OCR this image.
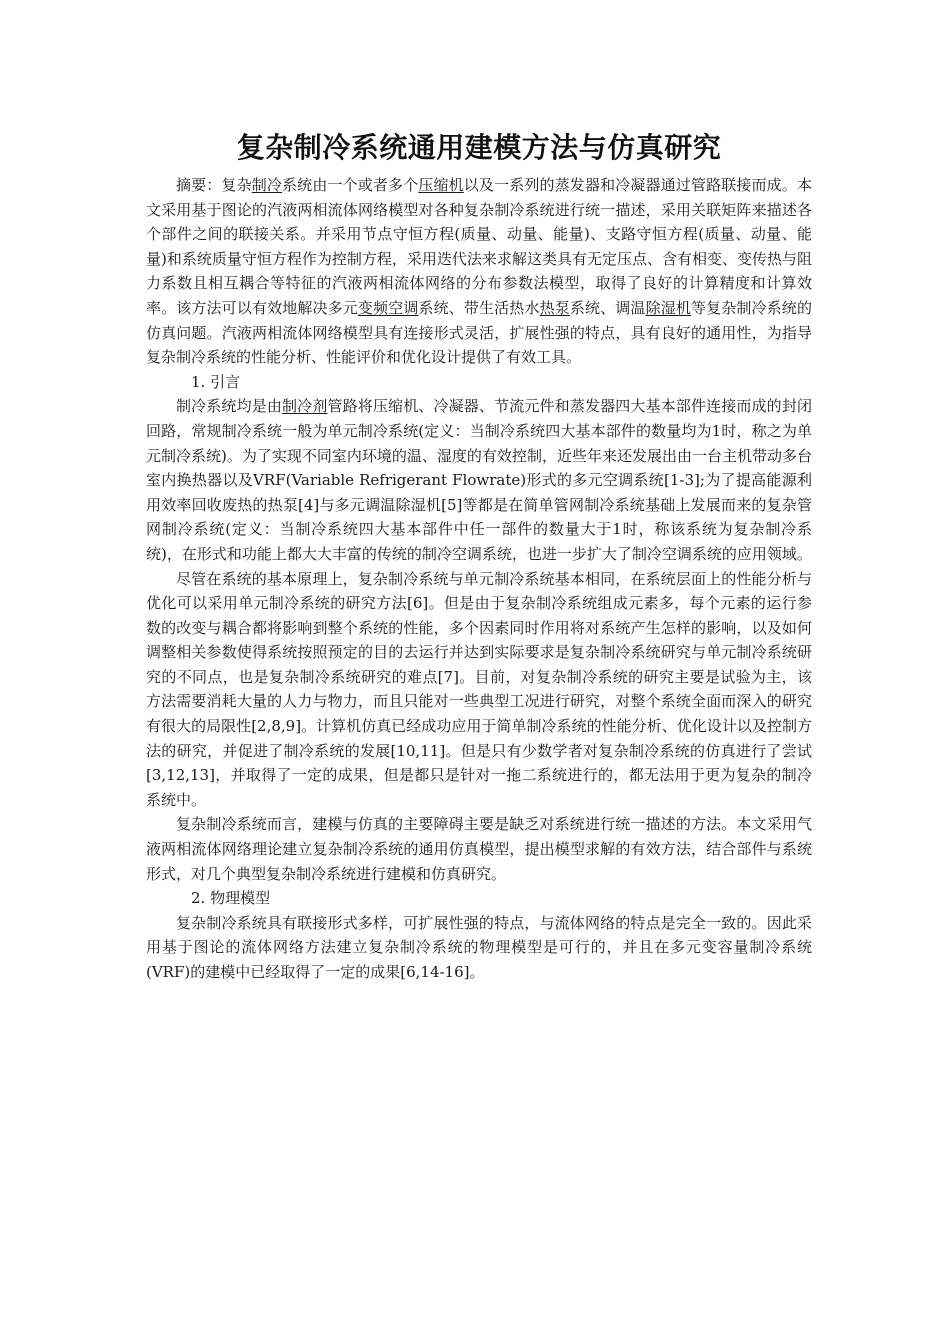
复杂制冷系统通用建模方法与仿真研究

摘要：复杂制冷系统由一个或者多个压缩机以及一系列的蒸发器和冷凝器通过管路联接而成。本文采用基于图论的汽液两相流体网络模型对各种复杂制冷系统进行统一描述，采用关联矩阵来描述各个部件之间的联接关系。并采用节点守恒方程(质量、动量、能量)、支路守恒方程(质量、动量、能量)和系统质量守恒方程作为控制方程，采用迭代法来求解这类具有无定压点、含有相变、变传热与阻力系数且相互耦合等特征的汽液两相流体网络的分布参数法模型，取得了良好的计算精度和计算效率。该方法可以有效地解决多元变频空调系统、带生活热水热泵系统、调温除湿机等复杂制冷系统的仿真问题。汽液两相流体网络模型具有连接形式灵活，扩展性强的特点，具有良好的通用性，为指导复杂制冷系统的性能分析、性能评价和优化设计提供了有效工具。

1. 引言

制冷系统均是由制冷剂管路将压缩机、冷凝器、节流元件和蒸发器四大基本部件连接而成的封闭回路，常规制冷系统一般为单元制冷系统(定义：当制冷系统四大基本部件的数量均为1时，称之为单元制冷系统)。为了实现不同室内环境的温、湿度的有效控制，近些年来还发展出由一台主机带动多台室内换热器以及VRF(Variable Refrigerant Flowrate)形式的多元空调系统[1-3];为了提高能源利用效率回收废热的热泵[4]与多元调温除湿机[5]等都是在简单管网制冷系统基础上发展而来的复杂管网制冷系统(定义：当制冷系统四大基本部件中任一部件的数量大于1时，称该系统为复杂制冷系统)，在形式和功能上都大大丰富的传统的制冷空调系统，也进一步扩大了制冷空调系统的应用领域。

尽管在系统的基本原理上，复杂制冷系统与单元制冷系统基本相同，在系统层面上的性能分析与优化可以采用单元制冷系统的研究方法[6]。但是由于复杂制冷系统组成元素多，每个元素的运行参数的改变与耦合都将影响到整个系统的性能，多个因素同时作用将对系统产生怎样的影响，以及如何调整相关参数使得系统按照预定的目的去运行并达到实际要求是复杂制冷系统研究与单元制冷系统研究的不同点，也是复杂制冷系统研究的难点[7]。目前，对复杂制冷系统的研究主要是试验为主，该方法需要消耗大量的人力与物力，而且只能对一些典型工况进行研究，对整个系统全面而深入的研究有很大的局限性[2,8,9]。计算机仿真已经成功应用于简单制冷系统的性能分析、优化设计以及控制方法的研究，并促进了制冷系统的发展[10,11]。但是只有少数学者对复杂制冷系统的仿真进行了尝试[3,12,13]，并取得了一定的成果，但是都只是针对一拖二系统进行的，都无法用于更为复杂的制冷系统中。

复杂制冷系统而言，建模与仿真的主要障碍主要是缺乏对系统进行统一描述的方法。本文采用气液两相流体网络理论建立复杂制冷系统的通用仿真模型，提出模型求解的有效方法，结合部件与系统形式，对几个典型复杂制冷系统进行建模和仿真研究。

2. 物理模型

复杂制冷系统具有联接形式多样，可扩展性强的特点，与流体网络的特点是完全一致的。因此采用基于图论的流体网络方法建立复杂制冷系统的物理模型是可行的，并且在多元变容量制冷系统(VRF)的建模中已经取得了一定的成果[6,14-16]。
